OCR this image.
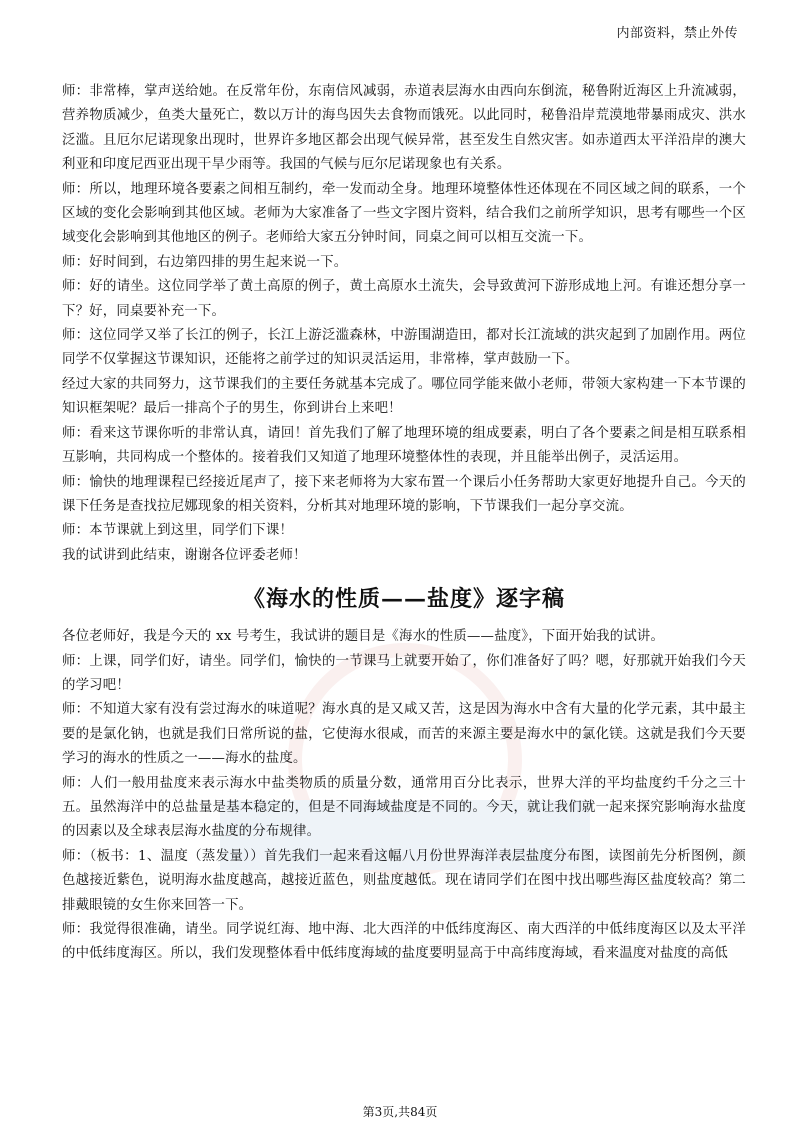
内部资料，禁止外传

师：非常棒，掌声送给她。在反常年份，东南信风减弱，赤道表层海水由西向东倒流，秘鲁附近海区上升流减弱，营养物质减少，鱼类大量死亡，数以万计的海鸟因失去食物而饿死。以此同时，秘鲁沿岸荒漠地带暴雨成灾、洪水泛滥。且厄尔尼诺现象出现时，世界许多地区都会出现气候异常，甚至发生自然灾害。如赤道西太平洋沿岸的澳大利亚和印度尼西亚出现干旱少雨等。我国的气候与厄尔尼诺现象也有关系。

师：所以，地理环境各要素之间相互制约，牵一发而动全身。地理环境整体性还体现在不同区域之间的联系，一个区域的变化会影响到其他区域。老师为大家准备了一些文字图片资料，结合我们之前所学知识，思考有哪些一个区域变化会影响到其他地区的例子。老师给大家五分钟时间，同桌之间可以相互交流一下。

师：好时间到，右边第四排的男生起来说一下。

师：好的请坐。这位同学举了黄土高原的例子，黄土高原水土流失，会导致黄河下游形成地上河。有谁还想分享一下？好，同桌要补充一下。

师：这位同学又举了长江的例子，长江上游泛滥森林，中游围湖造田，都对长江流域的洪灾起到了加剧作用。两位同学不仅掌握这节课知识，还能将之前学过的知识灵活运用，非常棒，掌声鼓励一下。

经过大家的共同努力，这节课我们的主要任务就基本完成了。哪位同学能来做小老师，带领大家构建一下本节课的知识框架呢？最后一排高个子的男生，你到讲台上来吧！

师：看来这节课你听的非常认真，请回！首先我们了解了地理环境的组成要素，明白了各个要素之间是相互联系相互影响，共同构成一个整体的。接着我们又知道了地理环境整体性的表现，并且能举出例子，灵活运用。

师：愉快的地理课程已经接近尾声了，接下来老师将为大家布置一个课后小任务帮助大家更好地提升自己。今天的课下任务是查找拉尼娜现象的相关资料，分析其对地理环境的影响，下节课我们一起分享交流。

师：本节课就上到这里，同学们下课！

我的试讲到此结束，谢谢各位评委老师！

《海水的性质——盐度》逐字稿

各位老师好，我是今天的 xx 号考生，我试讲的题目是《海水的性质——盐度》，下面开始我的试讲。

师：上课，同学们好，请坐。同学们，愉快的一节课马上就要开始了，你们准备好了吗？嗯，好那就开始我们今天的学习吧！

师：不知道大家有没有尝过海水的味道呢？海水真的是又咸又苦，这是因为海水中含有大量的化学元素，其中最主要的是氯化钠，也就是我们日常所说的盐，它使海水很咸，而苦的来源主要是海水中的氯化镁。这就是我们今天要学习的海水的性质之一——海水的盐度。

师：人们一般用盐度来表示海水中盐类物质的质量分数，通常用百分比表示，世界大洋的平均盐度约千分之三十五。虽然海洋中的总盐量是基本稳定的，但是不同海域盐度是不同的。今天，就让我们就一起来探究影响海水盐度的因素以及全球表层海水盐度的分布规律。

师：（板书：1、温度（蒸发量））首先我们一起来看这幅八月份世界海洋表层盐度分布图，读图前先分析图例，颜色越接近紫色，说明海水盐度越高，越接近蓝色，则盐度越低。现在请同学们在图中找出哪些海区盐度较高？第二排戴眼镜的女生你来回答一下。

师：我觉得很准确，请坐。同学说红海、地中海、北大西洋的中低纬度海区、南大西洋的中低纬度海区以及太平洋的中低纬度海区。所以，我们发现整体看中低纬度海域的盐度要明显高于中高纬度海域，看来温度对盐度的高低

第3页,共84页
